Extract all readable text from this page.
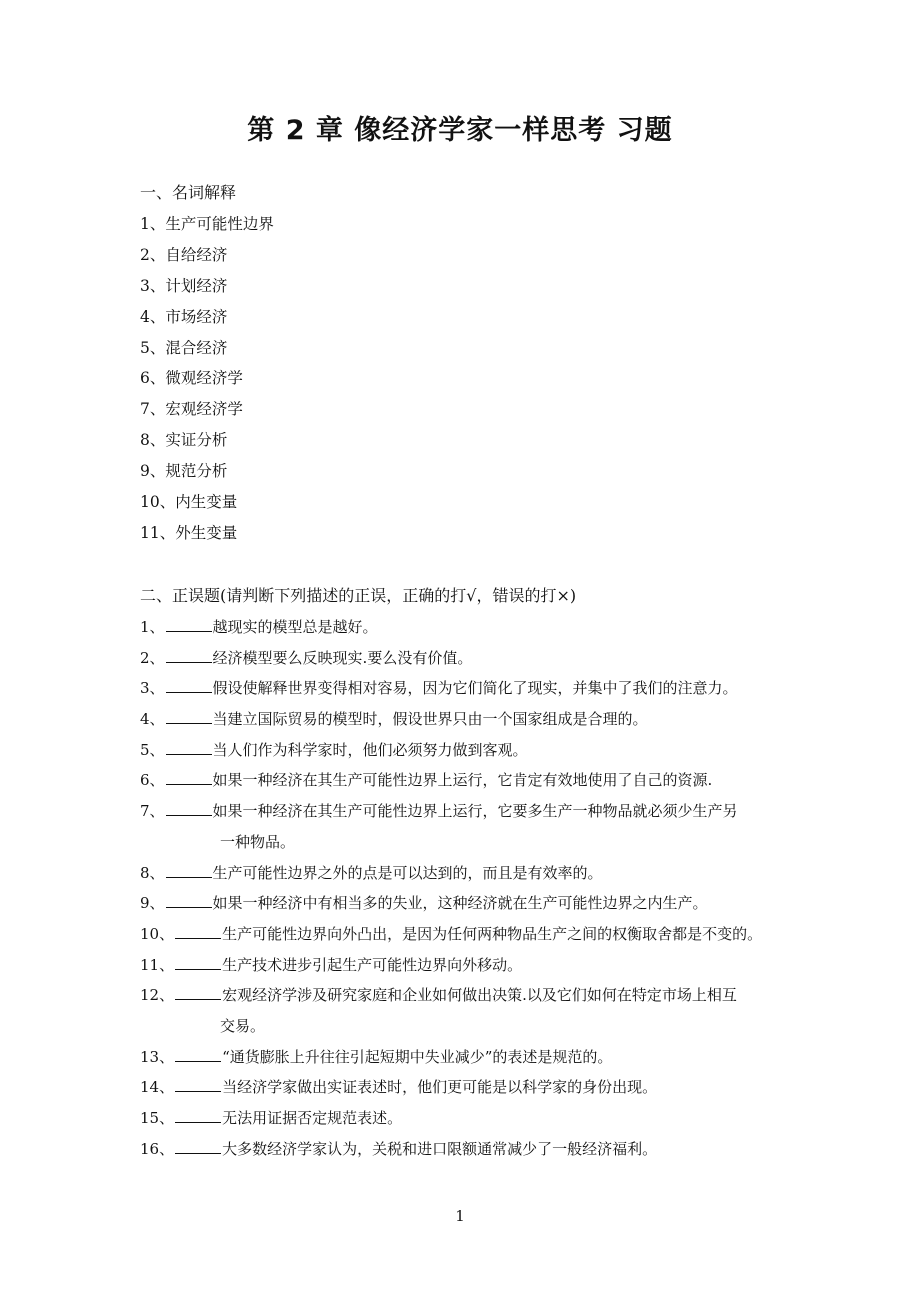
第 2 章 像经济学家一样思考 习题
一、名词解释
1、生产可能性边界
2、自给经济
3、计划经济
4、市场经济
5、混合经济
6、微观经济学
7、宏观经济学
8、实证分析
9、规范分析
10、内生变量
11、外生变量
二、正误题(请判断下列描述的正误，正确的打√，错误的打×)
1、	越现实的模型总是越好。
2、	经济模型要么反映现实.要么没有价值。
3、	假设使解释世界变得相对容易，因为它们简化了现实，并集中了我们的注意力。
4、	当建立国际贸易的模型时，假设世界只由一个国家组成是合理的。
5、	当人们作为科学家时，他们必须努力做到客观。
6、	如果一种经济在其生产可能性边界上运行，它肯定有效地使用了自己的资源.
7、	如果一种经济在其生产可能性边界上运行，它要多生产一种物品就必须少生产另
一种物品。
8、	生产可能性边界之外的点是可以达到的，而且是有效率的。
9、	如果一种经济中有相当多的失业，这种经济就在生产可能性边界之内生产。
10、	生产可能性边界向外凸出，是因为任何两种物品生产之间的权衡取舍都是不变的。
11、	生产技术进步引起生产可能性边界向外移动。
12、	宏观经济学涉及研究家庭和企业如何做出决策.以及它们如何在特定市场上相互
交易。
13、	“通货膨胀上升往往引起短期中失业减少”的表述是规范的。
14、	当经济学家做出实证表述时，他们更可能是以科学家的身份出现。
15、	无法用证据否定规范表述。
16、	大多数经济学家认为，关税和进口限额通常减少了一般经济福利。
1
